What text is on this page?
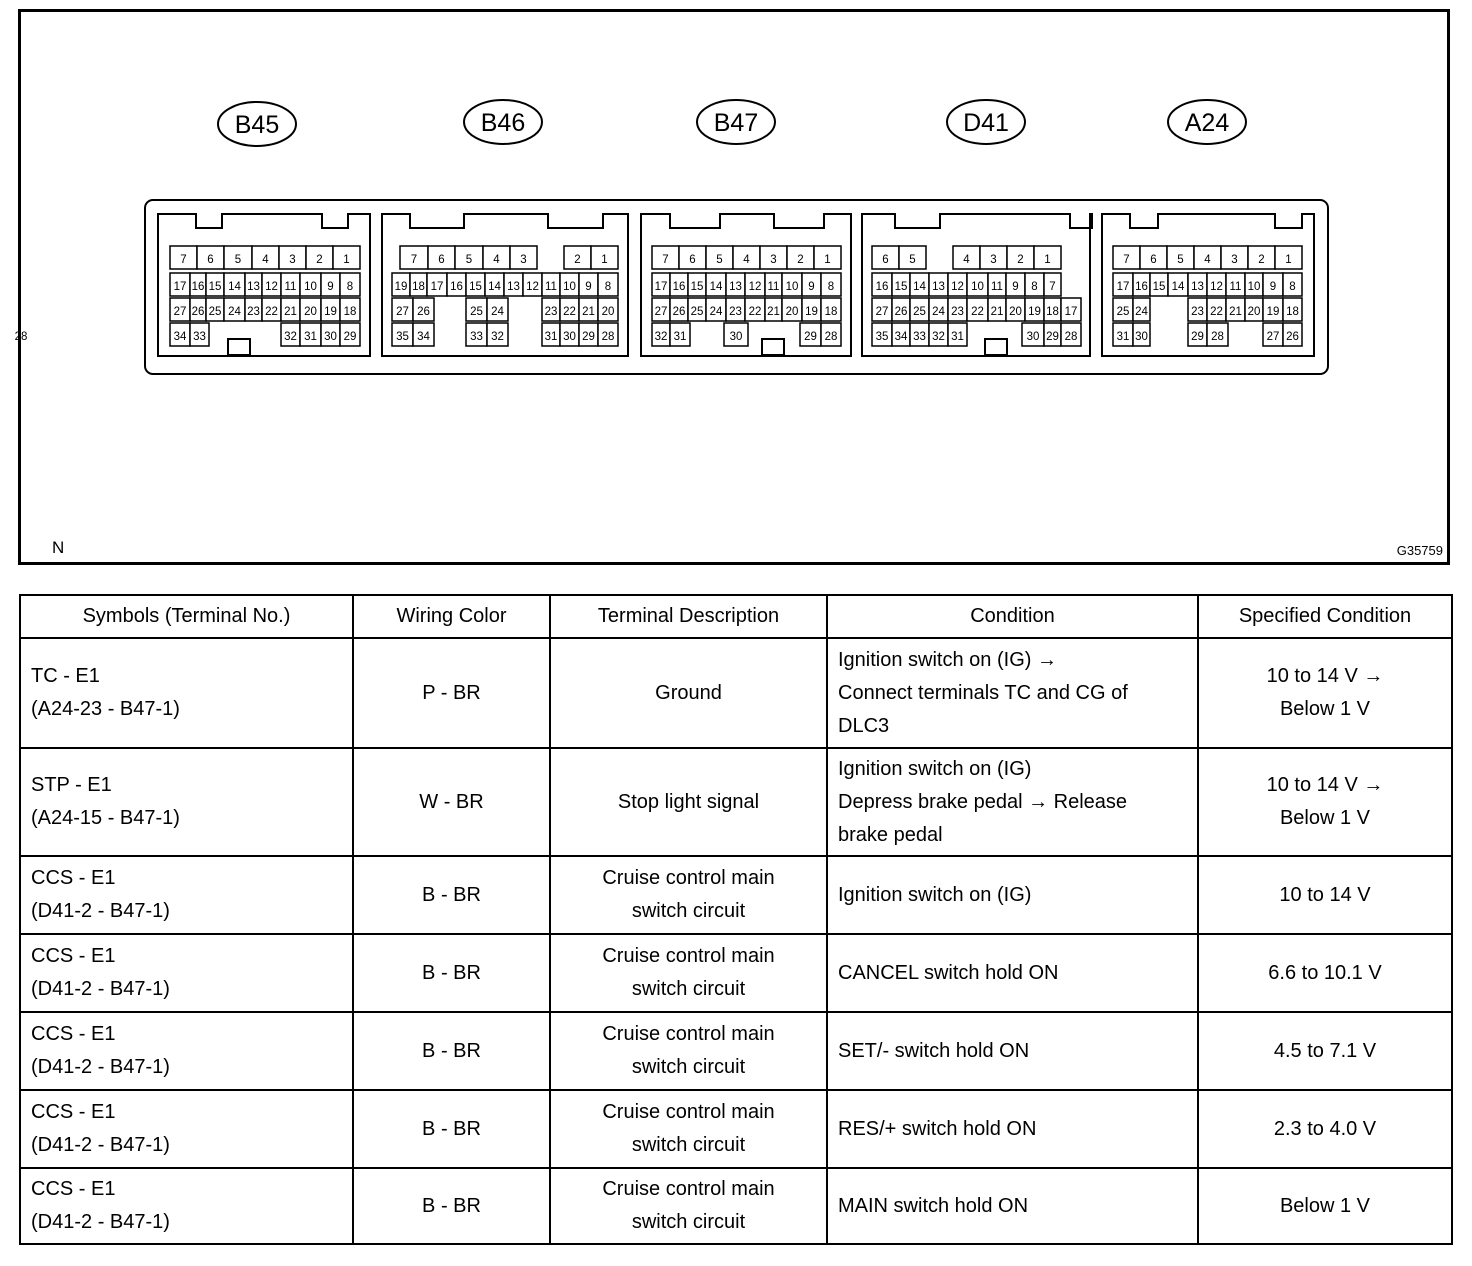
B45
7 6 5 4 3 2 1
17 16 15 14 13 12 11 10 9 8
27 26 25 24 23 22 21 20 19 18
34 33	32 31 30 29
28
B46
7 6 5 4 3	2 1
19 18 17 16 15 14 13 12 11 10 9 8
27 26	25 24	23 22 21 20
35 34	33 32	31 30 29 28
B47
7 6 5 4 3 2 1
17 16 15 14 13 12 11 10 9 8
27 26 25 24 23 22 21 20 19 18
32 31	30	29 28
D41
6 5	4 3 2 1
16 15 14 13 12 10 11 9 8 7
27 26 25 24 23 22 21 20 19 18 17
35 34 33 32 31	30 29 28
A24
7 6 5 4 3 2 1
17 16 15 14 13 12 11 10 9 8
25 24	23 22 21 20 19 18
31 30	29 28	27 26
N	G35759
Symbols (Terminal No.)	Wiring Color	Terminal Description	Condition	Specified Condition

TC - E1
(A24-23 - B47-1)	P - BR	Ground	Ignition switch on (IG) →
Connect terminals TC and CG of
DLC3	10 to 14 V →
Below 1 V

STP - E1
(A24-15 - B47-1)	W - BR	Stop light signal	Ignition switch on (IG)
Depress brake pedal → Release
brake pedal	10 to 14 V →
Below 1 V

CCS - E1
(D41-2 - B47-1)	B - BR	Cruise control main
switch circuit	Ignition switch on (IG)	10 to 14 V

CCS - E1
(D41-2 - B47-1)	B - BR	Cruise control main
switch circuit	CANCEL switch hold ON	6.6 to 10.1 V

CCS - E1
(D41-2 - B47-1)	B - BR	Cruise control main
switch circuit	SET/- switch hold ON	4.5 to 7.1 V

CCS - E1
(D41-2 - B47-1)	B - BR	Cruise control main
switch circuit	RES/+ switch hold ON	2.3 to 4.0 V

CCS - E1
(D41-2 - B47-1)	B - BR	Cruise control main
switch circuit	MAIN switch hold ON	Below 1 V
